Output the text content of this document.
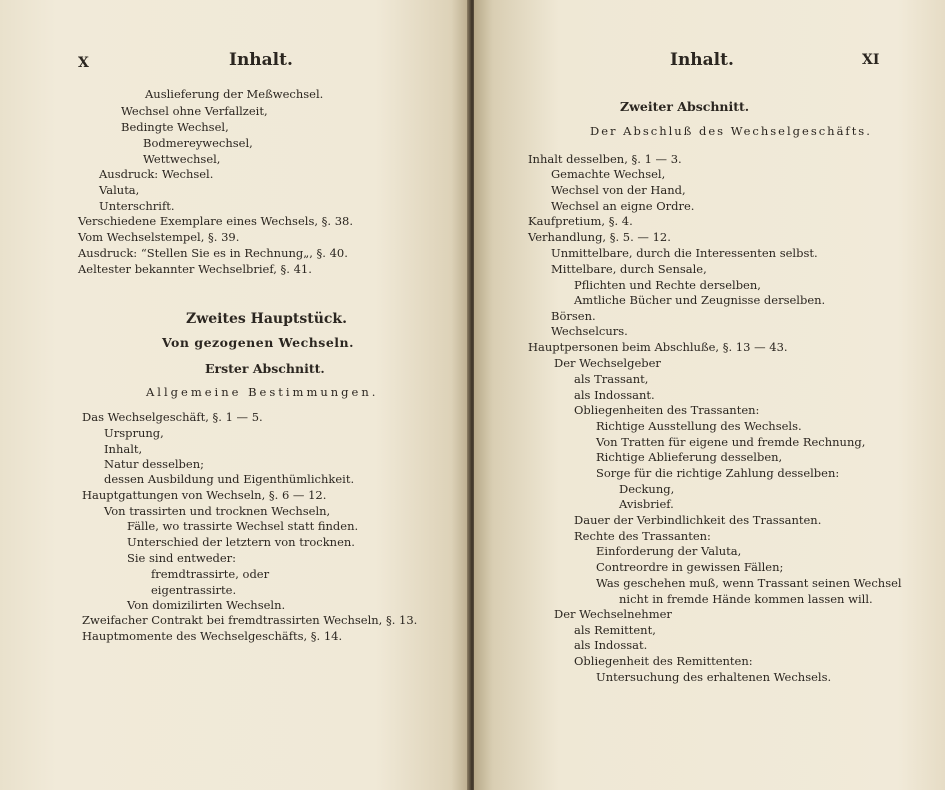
X	Inhalt.
Auslieferung der Meßwechsel.
Wechsel ohne Verfallzeit,
Bedingte Wechsel,
Bodmereywechsel,
Wettwechsel,
Ausdruck: Wechsel.
Valuta,
Unterschrift.
Verschiedene Exemplare eines Wechsels, §. 38.
Vom Wechselstempel, §. 39.
Ausdruck: “Stellen Sie es in Rechnung„, §. 40.
Aeltester bekannter Wechselbrief, §. 41.
Zweites Hauptstück.
Von gezogenen Wechseln.
Erster Abschnitt.
Allgemeine Bestimmungen.
Das Wechselgeschäft, §. 1 — 5.
Ursprung,
Inhalt,
Natur desselben;
dessen Ausbildung und Eigenthümlichkeit.
Hauptgattungen von Wechseln, §. 6 — 12.
Von trassirten und trocknen Wechseln,
Fälle, wo trassirte Wechsel statt finden.
Unterschied der letztern von trocknen.
Sie sind entweder:
fremdtrassirte, oder
eigentrassirte.
Von domizilirten Wechseln.
Zweifacher Contrakt bei fremdtrassirten Wechseln, §. 13.
Hauptmomente des Wechselgeschäfts, §. 14.
Inhalt.	XI
Zweiter Abschnitt.
Der Abschluß des Wechselgeschäfts.
Inhalt desselben, §. 1 — 3.
Gemachte Wechsel,
Wechsel von der Hand,
Wechsel an eigne Ordre.
Kaufpretium, §. 4.
Verhandlung, §. 5. — 12.
Unmittelbare, durch die Interessenten selbst.
Mittelbare, durch Sensale,
Pflichten und Rechte derselben,
Amtliche Bücher und Zeugnisse derselben.
Börsen.
Wechselcurs.
Hauptpersonen beim Abschluße, §. 13 — 43.
Der Wechselgeber
als Trassant,
als Indossant.
Obliegenheiten des Trassanten:
Richtige Ausstellung des Wechsels.
Von Tratten für eigene und fremde Rechnung,
Richtige Ablieferung desselben,
Sorge für die richtige Zahlung desselben:
Deckung,
Avisbrief.
Dauer der Verbindlichkeit des Trassanten.
Rechte des Trassanten:
Einforderung der Valuta,
Contreordre in gewissen Fällen;
Was geschehen muß, wenn Trassant seinen Wechsel
nicht in fremde Hände kommen lassen will.
Der Wechselnehmer
als Remittent,
als Indossat.
Obliegenheit des Remittenten:
Untersuchung des erhaltenen Wechsels.
